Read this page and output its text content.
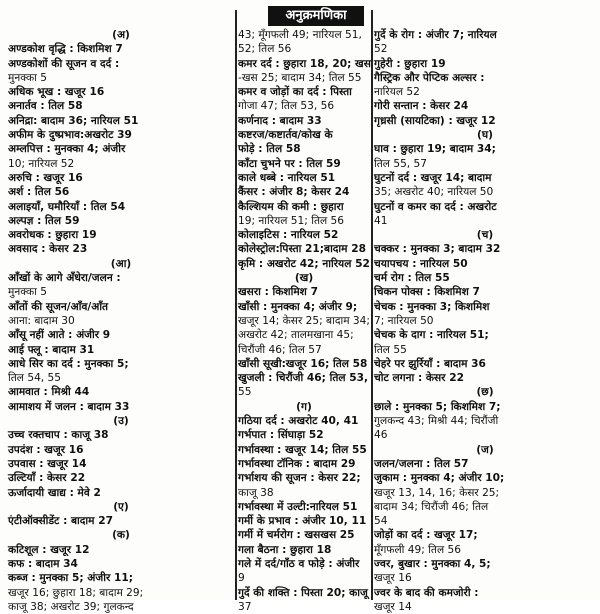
अनुक्रमणिका
(अ)
अण्डकोश वृद्धि : किशमिश 7
अण्डकोशों की सूजन व दर्द :
मुनक्का 5
अधिक भूख : खजूर 16
अनार्तव : तिल 58
अनिद्रा: बादाम 36; नारियल 51
अफीम के दुष्प्रभाव:अखरोट 39
अम्लपित्त : मुनक्का 4; अंजीर
10; नारियल 52
अरुचि : खजूर 16
अर्श : तिल 56
अलाइयाँ, घमौरियाँ : तिल 54
अल्पज्ञ : तिल 59
अवरोधक : छुहारा 19
अवसाद : केसर 23
(आ)
आँखों के आगे अँधेरा/जलन :
मुनक्का 5
आँतों की सूजन/आँव/आँत
आना: बादाम 30
आँसू नहीं आते : अंजीर 9
आई फ्लू : बादाम 31
आधे सिर का दर्द : मुनक्का 5;
तिल 54, 55
आमवात : मिश्री 44
आमाशय में जलन : बादाम 33
(उ)
उच्च रक्तचाप : काजू 38
उपदंश : खजूर 16
उपवास : खजूर 14
उल्टियाँ : केसर 22
ऊर्जादायी खाद्य : मेवे 2
(ए)
एंटीऑक्सीडेंट : बादाम 27
(क)
कटिशूल : खजूर 12
कफ : बादाम 34
कब्ज : मुनक्का 5; अंजीर 11;
खजूर 16; छुहारा 18; बादाम 29;
काजू 38; अखरोट 39; गुलकन्द
43; मूँगफली 49; नारियल 51,
52; तिल 56
कमर दर्द : छुहारा 18, 20; खस
-खस 25; बादाम 34; तिल 55
कमर व जोड़ों का दर्द : पिस्ता
गोजा 47; तिल 53, 56
कर्णनाद : बादाम 33
कष्टरज/कष्टार्तव/कोख के
फोड़े : तिल 58
काँटा चुभने पर : तिल 59
काले धब्बे : नारियल 51
कैंसर : अंजीर 8; केसर 24
कैल्शियम की कमी : छुहारा
19; नारियल 51; तिल 56
कोलाइटिस : नारियल 52
कोलेस्ट्रोल:पिस्ता 21;बादाम 28
कृमि : अखरोट 42; नारियल 52
(ख)
खसरा : किशमिश 7
खाँसी : मुनक्का 4; अंजीर 9;
खजूर 14; केसर 25; बादाम 34;
अखरोट 42; तालमखाना 45;
चिरौंजी 46; तिल 57
खाँसी सूखी:खजूर 16; तिल 58
खुजली : चिरौंजी 46; तिल 53,
55
(ग)
गठिया दर्द : अखरोट 40, 41
गर्भपात : सिंघाड़ा 52
गर्भावस्था : खजूर 14; तिल 55
गर्भावस्था टॉनिक : बादाम 29
गर्भाशय की सूजन : केसर 22;
काजू 38
गर्भावस्था में उल्टी:नारियल 51
गर्मी के प्रभाव : अंजीर 10, 11
गर्मी में चर्मरोग : खसखस 25
गला बैठना : छुहारा 18
गले में दर्द/गाँठ व फोड़े : अंजीर
9
गुर्दे की शक्ति : पिस्ता 20; काजू
37
गुर्दे के रोग : अंजीर 7; नारियल
52
गुहेरी : छुहारा 19
गैस्ट्रिक और पेप्टिक अल्सर :
नारियल 52
गोरी सन्तान : केसर 24
गृध्रसी (सायटिका) : खजूर 12
(घ)
घाव : छुहारा 19; बादाम 34;
तिल 55, 57
घुटनों दर्द : खजूर 14; बादाम
35; अखरोट 40; नारियल 50
घुटनों व कमर का दर्द : अखरोट
41
(च)
चक्कर : मुनक्का 3; बादाम 32
चयापचय : नारियल 50
चर्म रोग : तिल 55
चिकन पोक्स : किशमिश 7
चेचक : मुनक्का 3; किशमिश
7; नारियल 50
चेचक के दाग : नारियल 51;
तिल 55
चेहरे पर झुर्रियाँ : बादाम 36
चोट लगना : केसर 22
(छ)
छाले : मुनक्का 5; किशमिश 7;
गुलकन्द 43; मिश्री 44; चिरौंजी
46
(ज)
जलन/जलना : तिल 57
जुकाम : मुनक्का 4; अंजीर 10;
खजूर 13, 14, 16; केसर 25;
बादाम 34; चिरौंजी 46; तिल
54
जोड़ों का दर्द : खजूर 17;
मूँगफली 49; तिल 56
ज्वर, बुखार : मुनक्का 4, 5;
खजूर 16
ज्वर के बाद की कमजोरी :
खजूर 14
